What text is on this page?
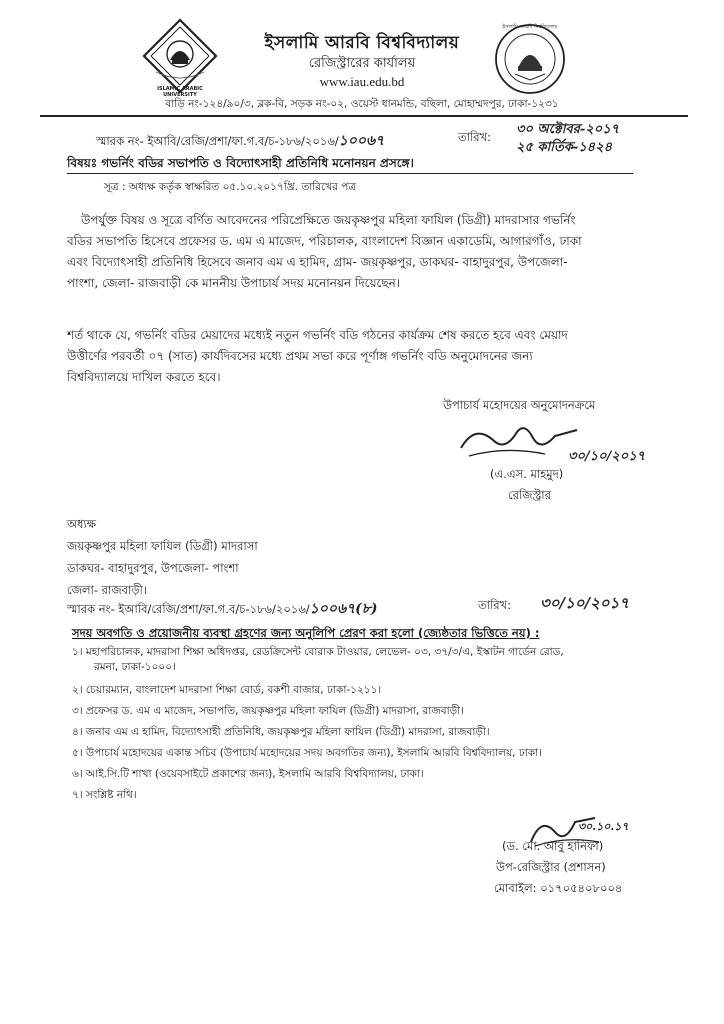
ISLAMIC ARABIC UNIVERSITY
ইসলামি আরবি বিশ্ববিদ্যালয়
ইসলামি আরবি বিশ্ববিদ্যালয়
রেজিস্ট্রারের কার্যালয়
www.iau.edu.bd
বাড়ি নং-১২৪/৯০/৩, ব্লক-বি, সড়ক নং-০২, ওয়েস্ট ধানমন্ডি, বছিলা, মোহাম্মদপুর, ঢাকা-১২৩১
স্মারক নং- ইআবি/রেজি/প্রশা/ফা.গ.ব/চ-১৮৬/২০১৬/১০০৬৭	তারিখ: ৩০ অক্টোবর-২০১৭
২৫ কার্তিক-১৪২৪
বিষয়ঃ গভর্নিং বডির সভাপতি ও বিদ্যোৎসাহী প্রতিনিধি মনোনয়ন প্রসঙ্গে।
সূত্র : অধ্যক্ষ কর্তৃক স্বাক্ষরিত ০৫.১০.২০১৭খ্রি. তারিখের পত্র
উপর্যুক্ত বিষয় ও সূত্রে বর্ণিত আবেদনের পরিপ্রেক্ষিতে জয়কৃষ্ণপুর মহিলা ফাযিল (ডিগ্রী) মাদরাসার গভর্নিং
বডির সভাপতি হিসেবে প্রফেসর ড. এম এ মাজেদ, পরিচালক, বাংলাদেশ বিজ্ঞান একাডেমি, আগারগাঁও, ঢাকা
এবং বিদ্যোৎসাহী প্রতিনিধি হিসেবে জনাব এম এ হামিদ, গ্রাম- জয়কৃষ্ণপুর, ডাকঘর- বাহাদুরপুর, উপজেলা-
পাংশা, জেলা- রাজবাড়ী কে মাননীয় উপাচার্য সদয় মনোনয়ন দিয়েছেন।
শর্ত থাকে যে, গভর্নিং বডির মেয়াদের মধ্যেই নতুন গভর্নিং বডি গঠনের কার্যক্রম শেষ করতে হবে এবং মেয়াদ
উত্তীর্ণের পরবর্তী ০৭ (সাত) কার্যদিবসের মধ্যে প্রথম সভা করে পূর্ণাঙ্গ গভর্নিং বডি অনুমোদনের জন্য
বিশ্ববিদ্যালয়ে দাখিল করতে হবে।
উপাচার্য মহোদয়ের অনুমোদনক্রমে
৩০/১০/২০১৭
(এ.এস. মাহমুদ)
রেজিস্ট্রার
অধ্যক্ষ
জয়কৃষ্ণপুর মহিলা ফাযিল (ডিগ্রী) মাদরাসা
ডাকঘর- বাহাদুরপুর, উপজেলা- পাংশা
জেলা- রাজবাড়ী।
স্মারক নং- ইআবি/রেজি/প্রশা/ফা.গ.ব/চ-১৮৬/২০১৬/১০০৬৭(৮)	তারিখ: ৩০/১০/২০১৭
সদয় অবগতি ও প্রয়োজনীয় ব্যবস্থা গ্রহণের জন্য অনুলিপি প্রেরণ করা হলো (জ্যেষ্ঠতার ভিত্তিতে নয়) :
১। মহাপরিচালক, মাদরাসা শিক্ষা অধিদপ্তর, রেডক্রিসেন্ট বোরাক টাওয়ার, লেভেল- ০৩, ৩৭/৩/এ, ইস্কাটন গার্ডেন রোড,
রমনা, ঢাকা-১০০০।
২। চেয়ারম্যান, বাংলাদেশ মাদরাসা শিক্ষা বোর্ড, বকশী বাজার, ঢাকা-১২১১।
৩। প্রফেসর ড. এম এ মাজেদ, সভাপতি, জয়কৃষ্ণপুর মহিলা ফাযিল (ডিগ্রী) মাদরাসা, রাজবাড়ী।
৪। জনাব এম এ হামিদ, বিদ্যোৎসাহী প্রতিনিধি, জয়কৃষ্ণপুর মহিলা ফাযিল (ডিগ্রী) মাদরাসা, রাজবাড়ী।
৫। উপাচার্য মহোদয়ের একান্ত সচিব (উপাচার্য মহোদয়ের সদয় অবগতির জন্য), ইসলামি আরবি বিশ্ববিদ্যালয়, ঢাকা।
৬। আই.সি.টি শাখা (ওয়েবসাইটে প্রকাশের জন্য), ইসলামি আরবি বিশ্ববিদ্যালয়, ঢাকা।
৭। সংশ্লিষ্ট নথি।
৩০.১০.১৭
(ড. মো. আবু হানিফা)
উপ-রেজিস্ট্রার (প্রশাসন)
মোবাইল: ০১৭০৫৪০৮০০৪
